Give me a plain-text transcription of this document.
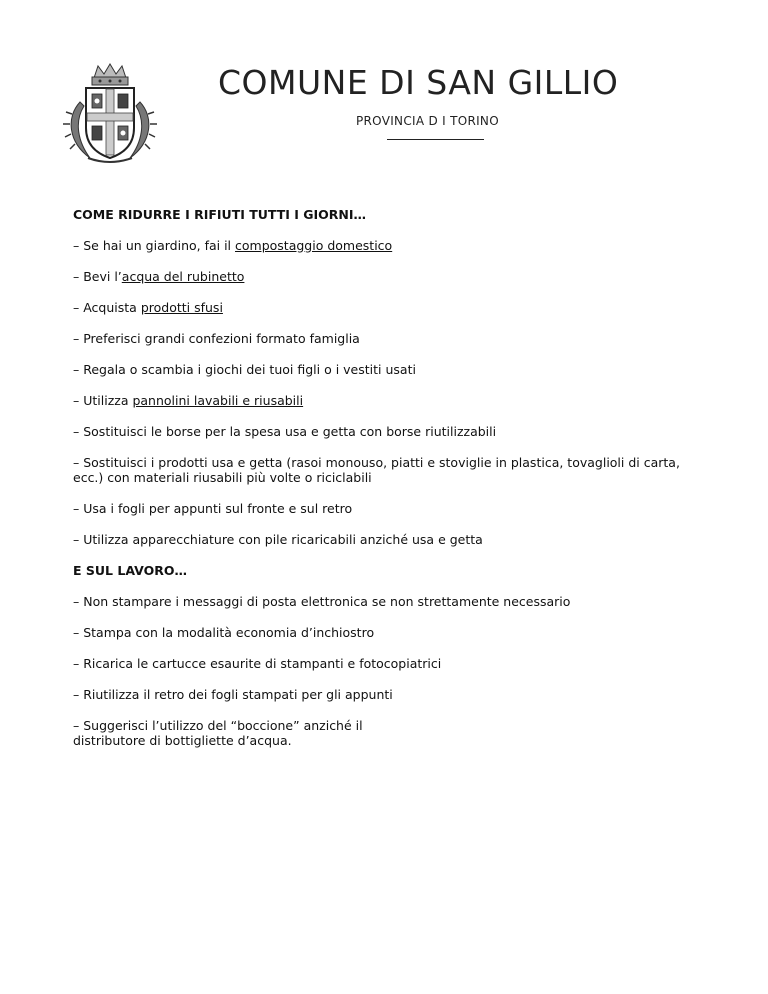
COMUNE DI SAN GILLIO
PROVINCIA D I TORINO

COME RIDURRE I RIFIUTI TUTTI I GIORNI…

– Se hai un giardino, fai il compostaggio domestico

– Bevi l’acqua del rubinetto

– Acquista prodotti sfusi

– Preferisci grandi confezioni formato famiglia

– Regala o scambia i giochi dei tuoi figli o i vestiti usati

– Utilizza pannolini lavabili e riusabili

– Sostituisci le borse per la spesa usa e getta con borse riutilizzabili

– Sostituisci i prodotti usa e getta (rasoi monouso, piatti e stoviglie in plastica, tovaglioli di carta, ecc.) con materiali riusabili più volte o riciclabili

– Usa i fogli per appunti sul fronte e sul retro

– Utilizza apparecchiature con pile ricaricabili anziché usa e getta

E SUL LAVORO…

– Non stampare i messaggi di posta elettronica se non strettamente necessario

– Stampa con la modalità economia d’inchiostro

– Ricarica le cartucce esaurite di stampanti e fotocopiatrici

– Riutilizza il retro dei fogli stampati per gli appunti

– Suggerisci l’utilizzo del “boccione” anziché il
distributore di bottigliette d’acqua.
